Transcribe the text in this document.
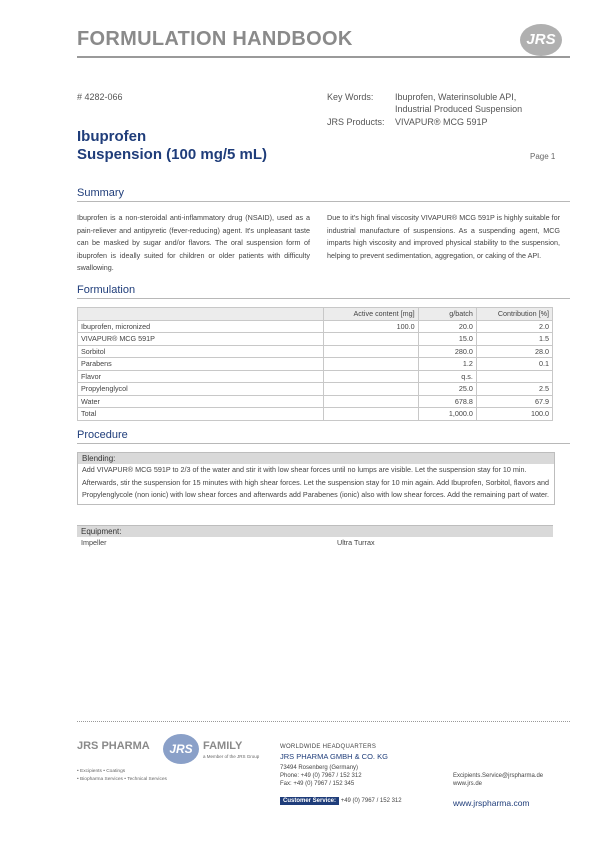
FORMULATION HANDBOOK	JRS
# 4282-066	Key Words: Ibuprofen, Waterinsoluble API,
Industrial Produced Suspension
JRS Products: VIVAPUR® MCG 591P
Ibuprofen
Suspension (100 mg/5 mL)	Page 1
Summary
Ibuprofen is a non-steroidal anti-inflammatory drug (NSAID), used as a pain-reliever and antipyretic (fever-reducing) agent. It's unpleasant taste can be masked by sugar and/or flavors. The oral suspension form of ibuprofen is ideally suited for children or older patients with difficulty swallowing.
Due to it's high final viscosity VIVAPUR® MCG 591P is highly suitable for industrial manufacture of suspensions. As a suspending agent, MCG imparts high viscosity and improved physical stability to the suspension, helping to prevent sedimentation, aggregation, or caking of the API.
Formulation
	Active content [mg]	g/batch	Contribution [%]
Ibuprofen, micronized	100.0	20.0	2.0
VIVAPUR® MCG 591P		15.0	1.5
Sorbitol		280.0	28.0
Parabens		1.2	0.1
Flavor		q.s.	
Propylenglycol		25.0	2.5
Water		678.8	67.9
Total		1,000.0	100.0
Procedure
Blending:
Add VIVAPUR® MCG 591P to 2/3 of the water and stir it with low shear forces until no lumps are visible. Let the suspension stay for 10 min. Afterwards, stir the suspension for 15 minutes with high shear forces. Let the suspension stay for 10 min again. Add Ibuprofen, Sorbitol, flavors and Propylenglycole (non ionic) with low shear forces and afterwards add Parabenes (ionic) also with low shear forces. Add the remaining part of water.
Equipment:
Impeller	Ultra Turrax
JRS PHARMA	JRS FAMILY
a Member of the JRS Group
• Excipients • Coatings
• Biopharma Services • Technical Services
WORLDWIDE HEADQUARTERS
JRS PHARMA GMBH & CO. KG
73494 Rosenberg (Germany)
Phone: +49 (0) 7967 / 152 312
Fax: +49 (0) 7967 / 152 345
Customer Service: +49 (0) 7967 / 152 312
Excipients.Service@jrspharma.de
www.jrs.de
www.jrspharma.com
